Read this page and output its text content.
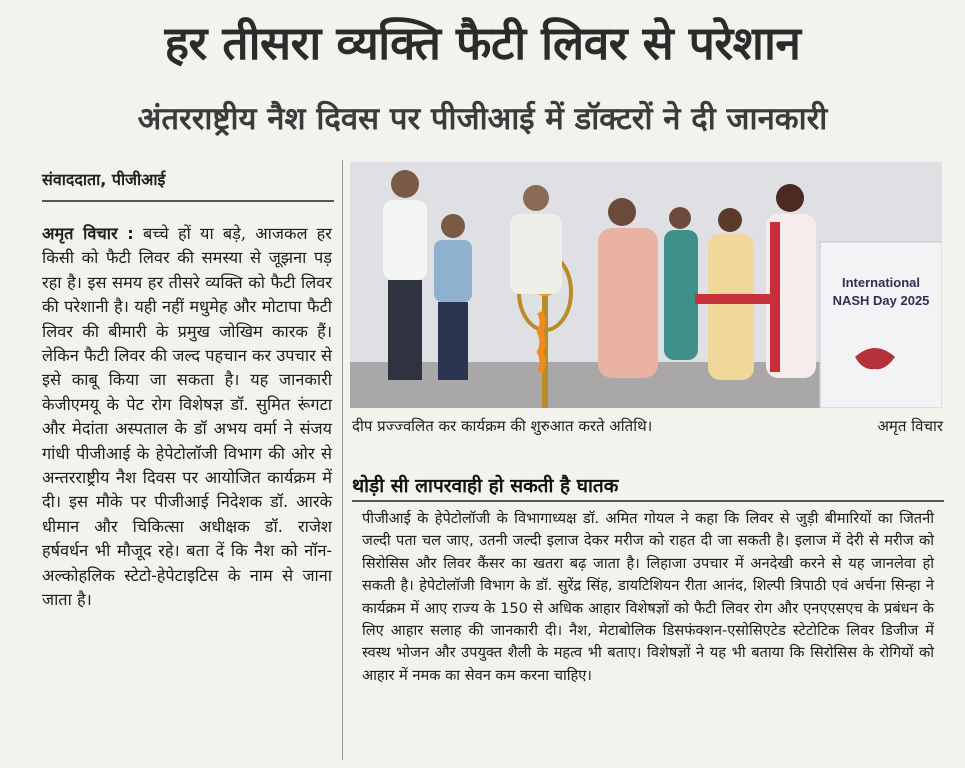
हर तीसरा व्यक्ति फैटी लिवर से परेशान
अंतरराष्ट्रीय नैश दिवस पर पीजीआई में डॉक्टरों ने दी जानकारी
संवाददाता, पीजीआई
अमृत विचार : बच्चे हों या बड़े, आजकल हर किसी को फैटी लिवर की समस्या से जूझना पड़ रहा है। इस समय हर तीसरे व्यक्ति को फैटी लिवर की परेशानी है। यही नहीं मधुमेह और मोटापा फैटी लिवर की बीमारी के प्रमुख जोखिम कारक हैं। लेकिन फैटी लिवर की जल्द पहचान कर उपचार से इसे काबू किया जा सकता है। यह जानकारी केजीएमयू के पेट रोग विशेषज्ञ डॉ. सुमित रूंगटा और मेदांता अस्पताल के डॉ अभय वर्मा ने संजय गांधी पीजीआई के हेपेटोलॉजी विभाग की ओर से अन्तरराष्ट्रीय नैश दिवस पर आयोजित कार्यक्रम में दी। इस मौके पर पीजीआई निदेशक डॉ. आरके धीमान और चिकित्सा अधीक्षक डॉ. राजेश हर्षवर्धन भी मौजूद रहे। बता दें कि नैश को नॉन-अल्कोहलिक स्टेटो-हेपेटाइटिस के नाम से जाना जाता है।
International
NASH Day 2025
दीप प्रज्ज्वलित कर कार्यक्रम की शुरुआत करते अतिथि।	अमृत विचार
थोड़ी सी लापरवाही हो सकती है घातक
पीजीआई के हेपेटोलॉजी के विभागाध्यक्ष डॉ. अमित गोयल ने कहा कि लिवर से जुड़ी बीमारियों का जितनी जल्दी पता चल जाए, उतनी जल्दी इलाज देकर मरीज को राहत दी जा सकती है। इलाज में देरी से मरीज को सिरोसिस और लिवर कैंसर का खतरा बढ़ जाता है। लिहाजा उपचार में अनदेखी करने से यह जानलेवा हो सकती है। हेपेटोलॉजी विभाग के डॉ. सुरेंद्र सिंह, डायटिशियन रीता आनंद, शिल्पी त्रिपाठी एवं अर्चना सिन्हा ने कार्यक्रम में आए राज्य के 150 से अधिक आहार विशेषज्ञों को फैटी लिवर रोग और एनएएसएच के प्रबंधन के लिए आहार सलाह की जानकारी दी। नैश, मेटाबोलिक डिसफंक्शन-एसोसिएटेड स्टेटोटिक लिवर डिजीज में स्वस्थ भोजन और उपयुक्त शैली के महत्व भी बताए। विशेषज्ञों ने यह भी बताया कि सिरोसिस के रोगियों को आहार में नमक का सेवन कम करना चाहिए।
